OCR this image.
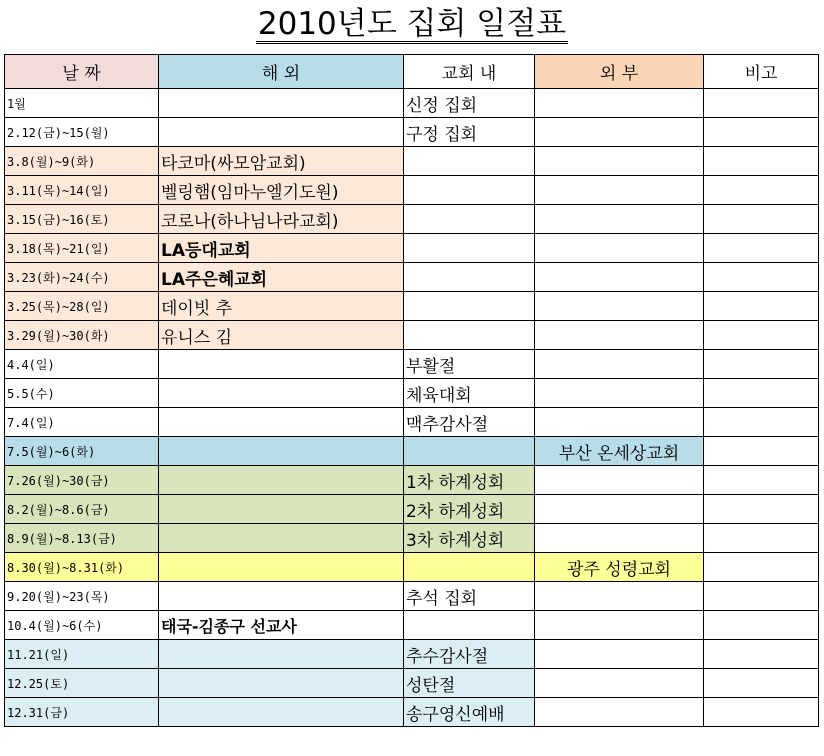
2010년도 집회 일절표
날 짜	해 외	교회 내	외 부	비고
1월		신정 집회		
2.12(금)~15(월)		구정 집회		
3.8(월)~9(화)	타코마(싸모암교회)			
3.11(목)~14(일)	벨링햄(임마누엘기도원)			
3.15(금)~16(토)	코로나(하나님나라교회)			
3.18(목)~21(일)	LA등대교회			
3.23(화)~24(수)	LA주은혜교회			
3.25(목)~28(일)	데이빗 추			
3.29(월)~30(화)	유니스 김			
4.4(일)		부활절		
5.5(수)		체육대회		
7.4(일)		맥추감사절		
7.5(월)~6(화)			부산 온세상교회	
7.26(월)~30(금)		1차 하계성회		
8.2(월)~8.6(금)		2차 하계성회		
8.9(월)~8.13(금)		3차 하계성회		
8.30(월)~8.31(화)			광주 성령교회	
9.20(월)~23(목)		추석 집회		
10.4(월)~6(수)	태국-김종구 선교사			
11.21(일)		추수감사절		
12.25(토)		성탄절		
12.31(금)		송구영신예배		
